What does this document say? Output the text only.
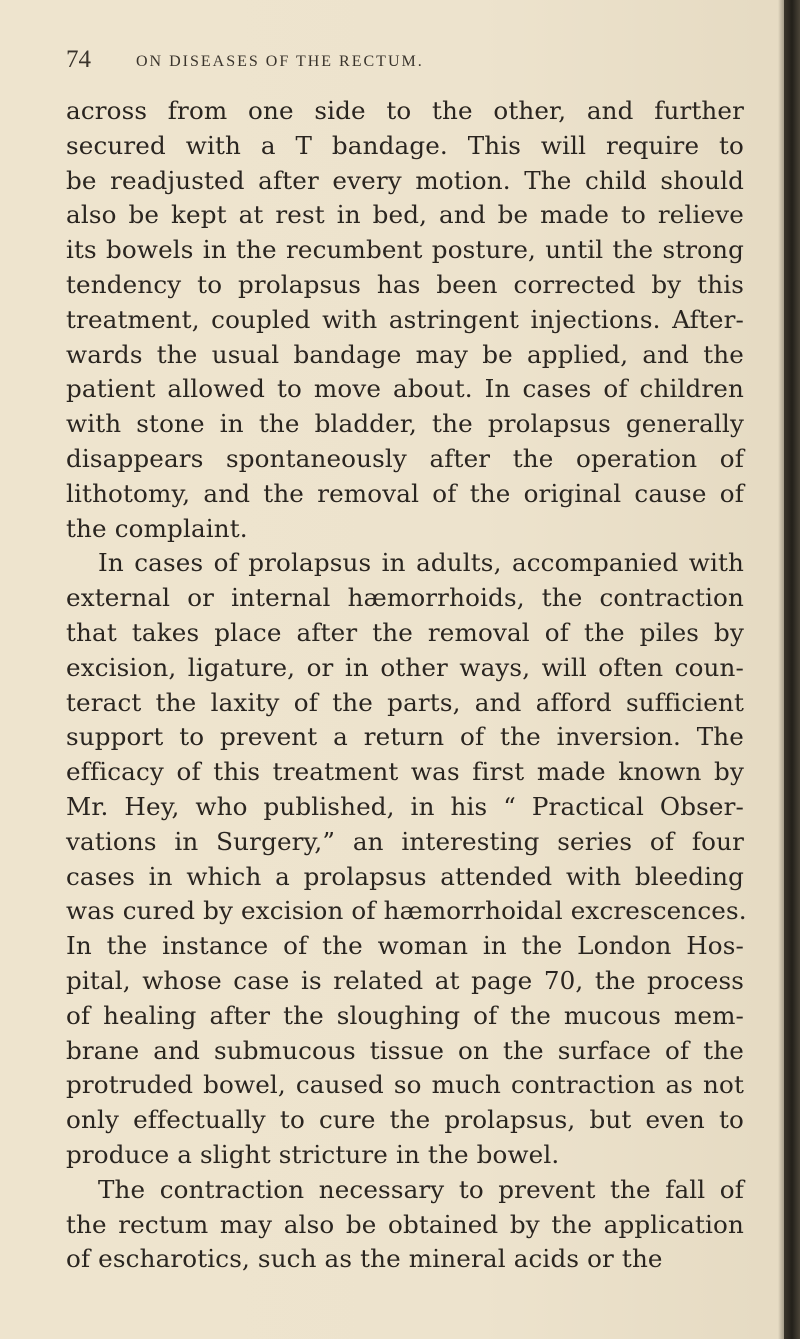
74	ON DISEASES OF THE RECTUM.
across from one side to the other, and further
secured with a T bandage. This will require to
be readjusted after every motion. The child should
also be kept at rest in bed, and be made to relieve
its bowels in the recumbent posture, until the strong
tendency to prolapsus has been corrected by this
treatment, coupled with astringent injections. After-
wards the usual bandage may be applied, and the
patient allowed to move about. In cases of children
with stone in the bladder, the prolapsus generally
disappears spontaneously after the operation of
lithotomy, and the removal of the original cause of
the complaint.
In cases of prolapsus in adults, accompanied with
external or internal hæmorrhoids, the contraction
that takes place after the removal of the piles by
excision, ligature, or in other ways, will often coun-
teract the laxity of the parts, and afford sufficient
support to prevent a return of the inversion. The
efficacy of this treatment was first made known by
Mr. Hey, who published, in his “ Practical Obser-
vations in Surgery,” an interesting series of four
cases in which a prolapsus attended with bleeding
was cured by excision of hæmorrhoidal excrescences.
In the instance of the woman in the London Hos-
pital, whose case is related at page 70, the process
of healing after the sloughing of the mucous mem-
brane and submucous tissue on the surface of the
protruded bowel, caused so much contraction as not
only effectually to cure the prolapsus, but even to
produce a slight stricture in the bowel.
The contraction necessary to prevent the fall of
the rectum may also be obtained by the application
of escharotics, such as the mineral acids or the
